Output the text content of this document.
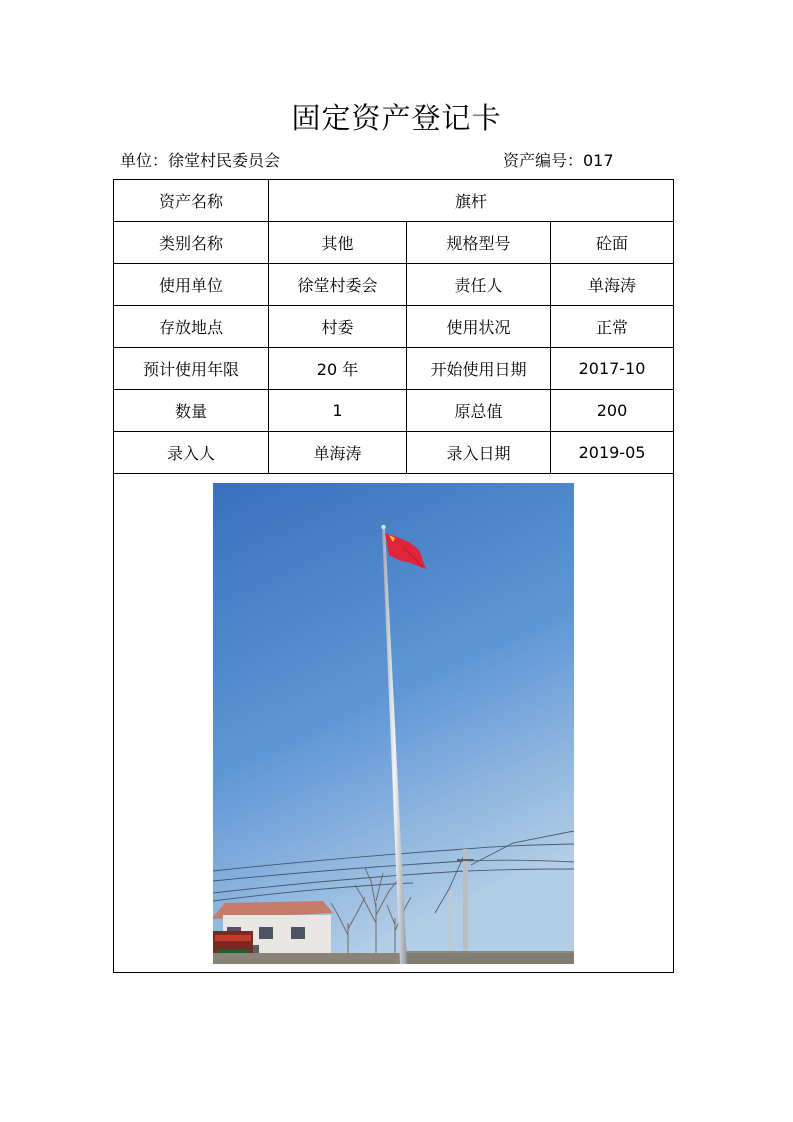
固定资产登记卡
单位：徐堂村民委员会	资产编号：017
资产名称	旗杆		
类别名称	其他	规格型号	砼面
使用单位	徐堂村委会	责任人	单海涛
存放地点	村委	使用状况	正常
预计使用年限	20 年	开始使用日期	2017-10
数量	1	原总值	200
录入人	单海涛	录入日期	2019-05
